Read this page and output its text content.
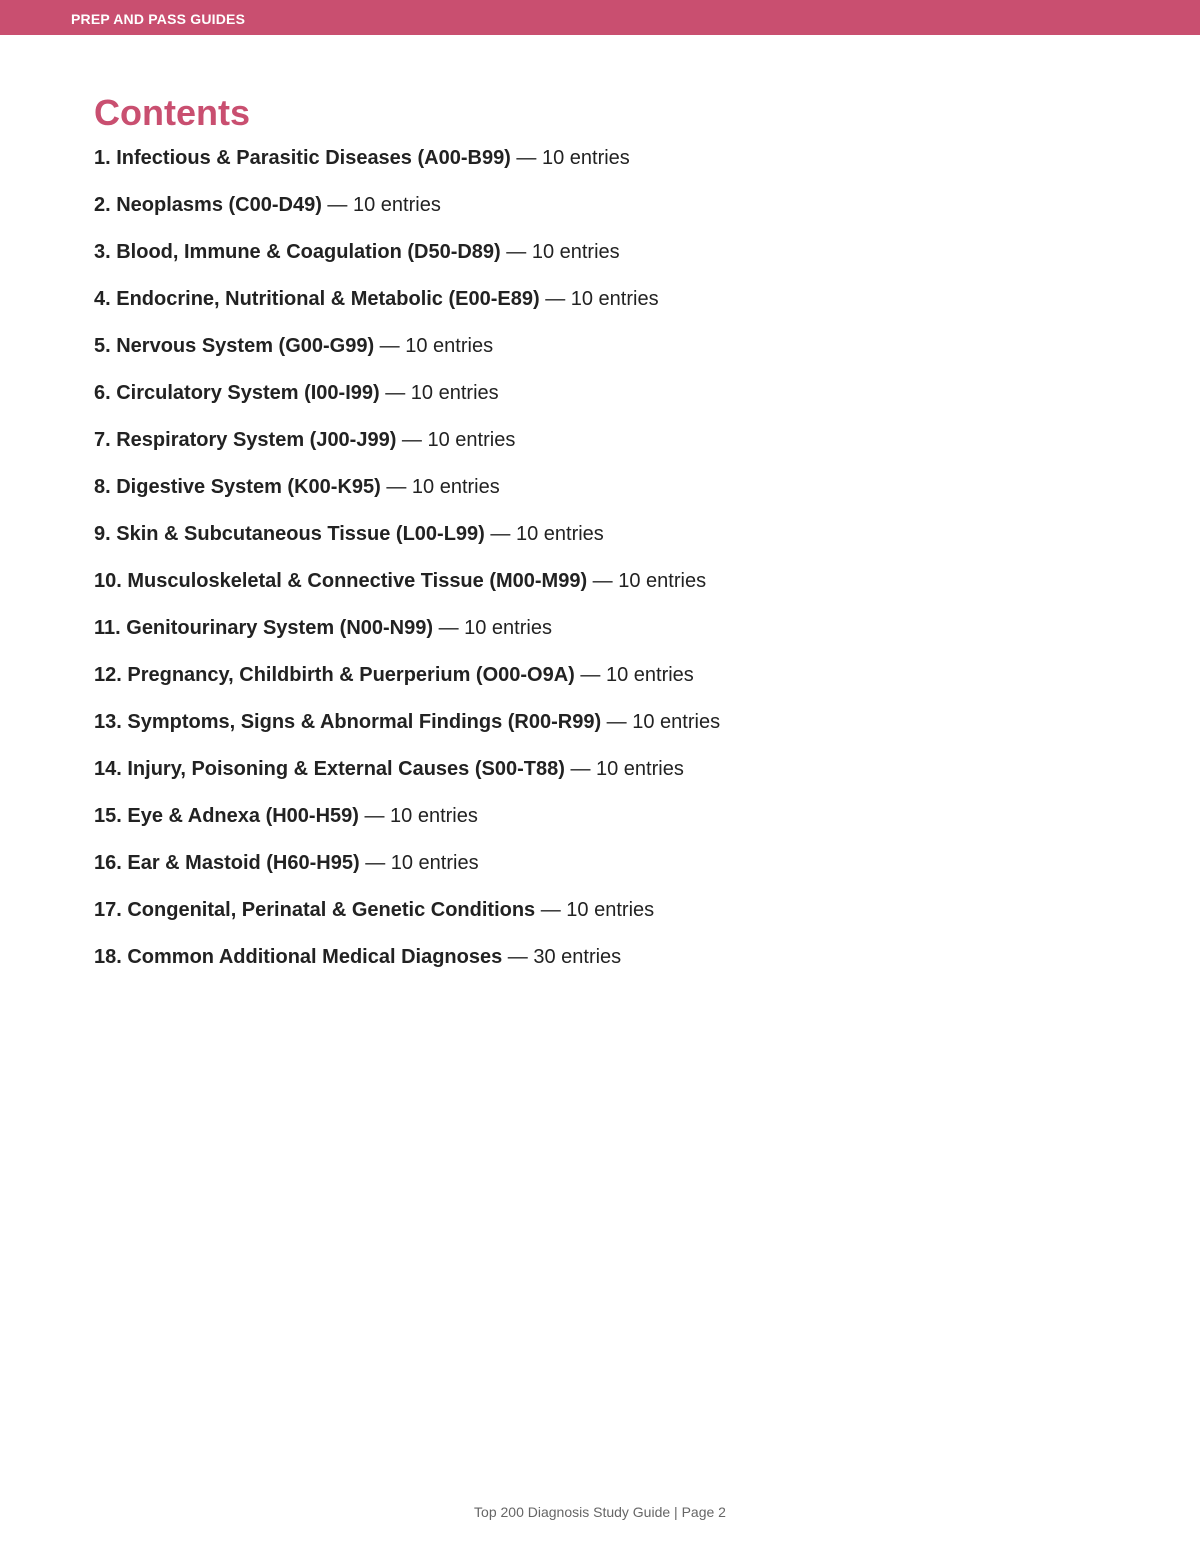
PREP AND PASS GUIDES
Contents
1. Infectious & Parasitic Diseases (A00-B99) — 10 entries
2. Neoplasms (C00-D49) — 10 entries
3. Blood, Immune & Coagulation (D50-D89) — 10 entries
4. Endocrine, Nutritional & Metabolic (E00-E89) — 10 entries
5. Nervous System (G00-G99) — 10 entries
6. Circulatory System (I00-I99) — 10 entries
7. Respiratory System (J00-J99) — 10 entries
8. Digestive System (K00-K95) — 10 entries
9. Skin & Subcutaneous Tissue (L00-L99) — 10 entries
10. Musculoskeletal & Connective Tissue (M00-M99) — 10 entries
11. Genitourinary System (N00-N99) — 10 entries
12. Pregnancy, Childbirth & Puerperium (O00-O9A) — 10 entries
13. Symptoms, Signs & Abnormal Findings (R00-R99) — 10 entries
14. Injury, Poisoning & External Causes (S00-T88) — 10 entries
15. Eye & Adnexa (H00-H59) — 10 entries
16. Ear & Mastoid (H60-H95) — 10 entries
17. Congenital, Perinatal & Genetic Conditions — 10 entries
18. Common Additional Medical Diagnoses — 30 entries
Top 200 Diagnosis Study Guide | Page 2
